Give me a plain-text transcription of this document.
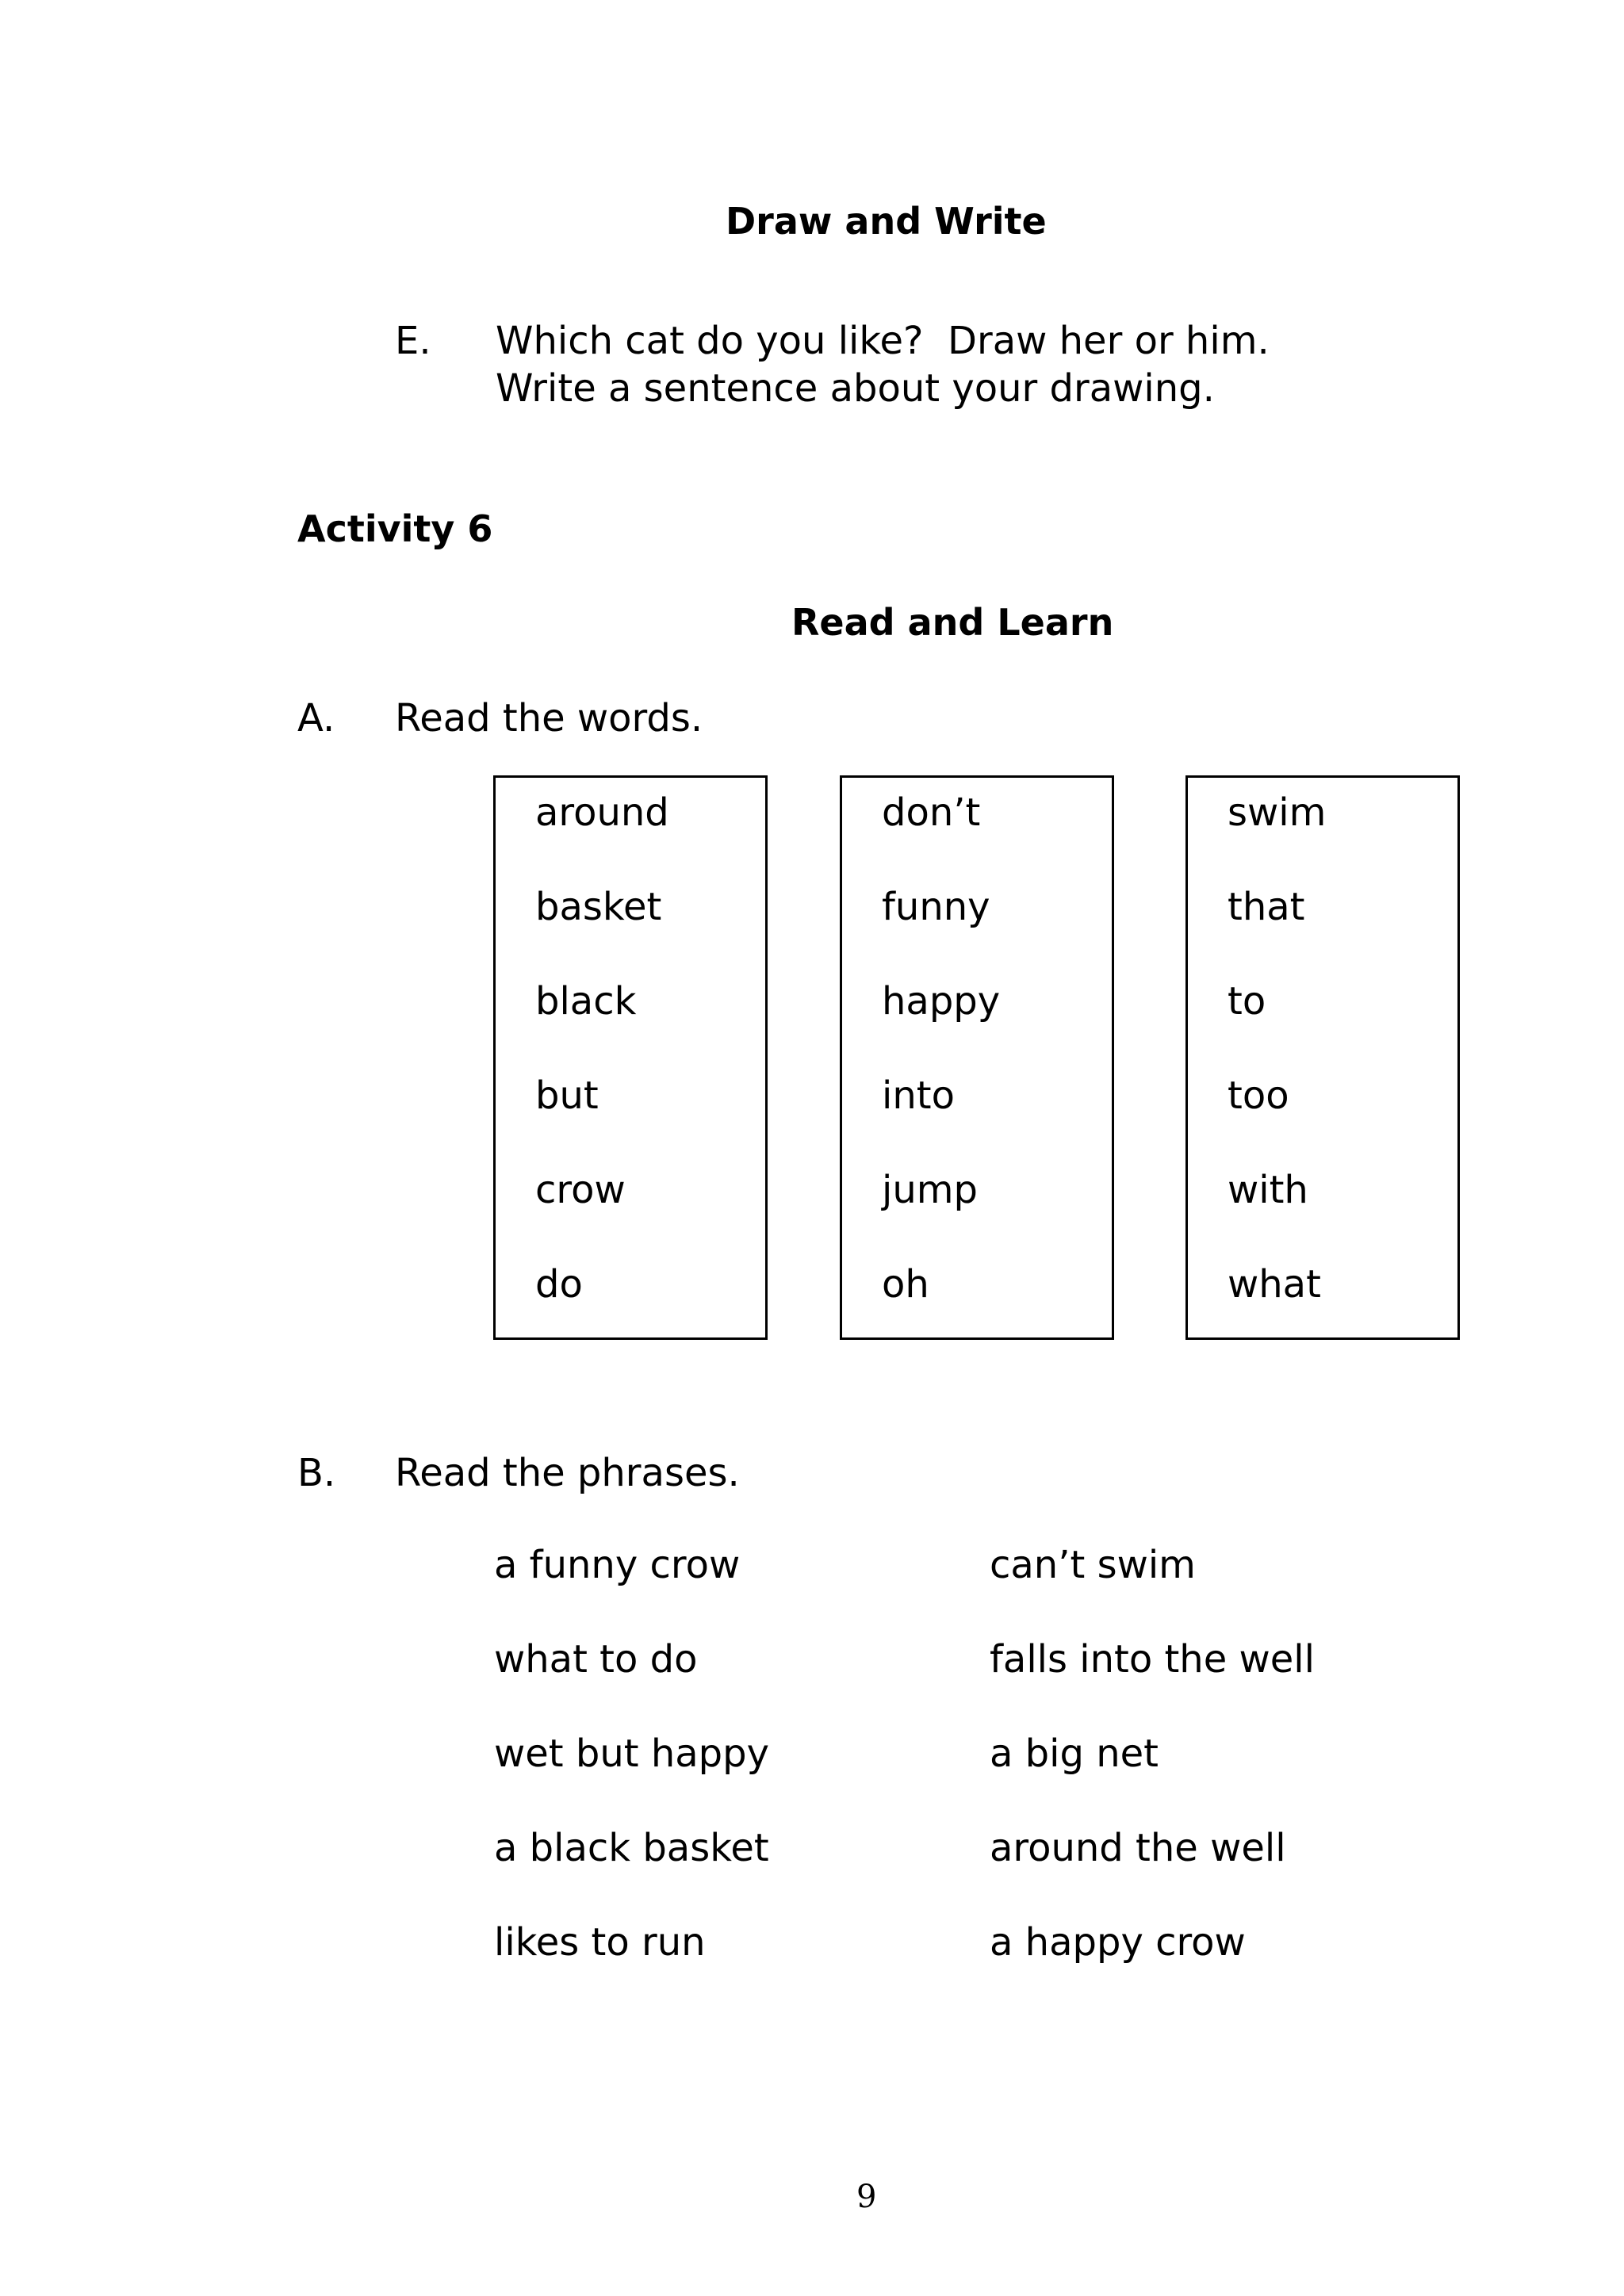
Draw and Write
E. Which cat do you like?  Draw her or him.

Write a sentence about your drawing.

Activity 6
Read and Learn
A. Read the words.

around
basket
black
but
crow
do
don’t
funny
happy
into
jump
oh
swim
that
to
too
with
what
B. Read the phrases.

a funny crow
what to do
wet but happy
a black basket
likes to run
can’t swim
falls into the well
a big net
around the well
a happy crow
9
